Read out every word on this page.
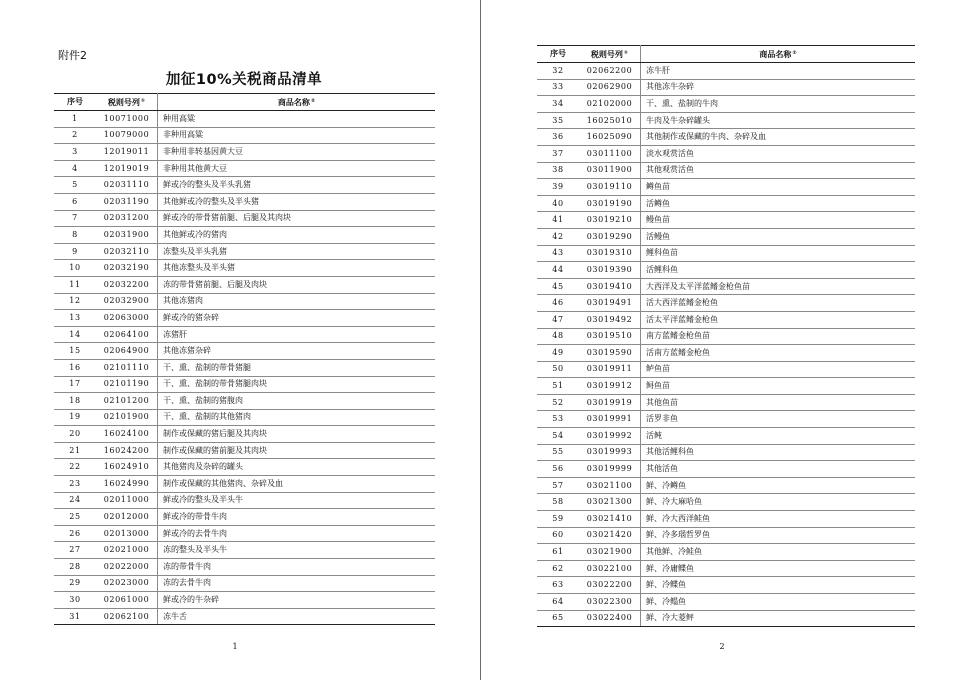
附件2
加征10%关税商品清单
序号	税则号列①	商品名称②
1	10071000	种用高粱
2	10079000	非种用高粱
3	12019011	非种用非转基因黄大豆
4	12019019	非种用其他黄大豆
5	02031110	鲜或冷的整头及半头乳猪
6	02031190	其他鲜或冷的整头及半头猪
7	02031200	鲜或冷的带骨猪前腿、后腿及其肉块
8	02031900	其他鲜或冷的猪肉
9	02032110	冻整头及半头乳猪
10	02032190	其他冻整头及半头猪
11	02032200	冻的带骨猪前腿、后腿及肉块
12	02032900	其他冻猪肉
13	02063000	鲜或冷的猪杂碎
14	02064100	冻猪肝
15	02064900	其他冻猪杂碎
16	02101110	干、熏、盐制的带骨猪腿
17	02101190	干、熏、盐制的带骨猪腿肉块
18	02101200	干、熏、盐制的猪腹肉
19	02101900	干、熏、盐制的其他猪肉
20	16024100	制作或保藏的猪后腿及其肉块
21	16024200	制作或保藏的猪前腿及其肉块
22	16024910	其他猪肉及杂碎的罐头
23	16024990	制作或保藏的其他猪肉、杂碎及血
24	02011000	鲜或冷的整头及半头牛
25	02012000	鲜或冷的带骨牛肉
26	02013000	鲜或冷的去骨牛肉
27	02021000	冻的整头及半头牛
28	02022000	冻的带骨牛肉
29	02023000	冻的去骨牛肉
30	02061000	鲜或冷的牛杂碎
31	02062100	冻牛舌
1
序号	税则号列①	商品名称②
32	02062200	冻牛肝
33	02062900	其他冻牛杂碎
34	02102000	干、熏、盐制的牛肉
35	16025010	牛肉及牛杂碎罐头
36	16025090	其他制作或保藏的牛肉、杂碎及血
37	03011100	淡水观赏活鱼
38	03011900	其他观赏活鱼
39	03019110	鳟鱼苗
40	03019190	活鳟鱼
41	03019210	鳗鱼苗
42	03019290	活鳗鱼
43	03019310	鲤科鱼苗
44	03019390	活鲤科鱼
45	03019410	大西洋及太平洋蓝鳍金枪鱼苗
46	03019491	活大西洋蓝鳍金枪鱼
47	03019492	活太平洋蓝鳍金枪鱼
48	03019510	南方蓝鳍金枪鱼苗
49	03019590	活南方蓝鳍金枪鱼
50	03019911	鲈鱼苗
51	03019912	鲟鱼苗
52	03019919	其他鱼苗
53	03019991	活罗非鱼
54	03019992	活鲀
55	03019993	其他活鲤科鱼
56	03019999	其他活鱼
57	03021100	鲜、冷鳟鱼
58	03021300	鲜、冷大麻哈鱼
59	03021410	鲜、冷大西洋鲑鱼
60	03021420	鲜、冷多瑙哲罗鱼
61	03021900	其他鲜、冷鲑鱼
62	03022100	鲜、冷庸鲽鱼
63	03022200	鲜、冷鲽鱼
64	03022300	鲜、冷鳎鱼
65	03022400	鲜、冷大菱鲆
2
